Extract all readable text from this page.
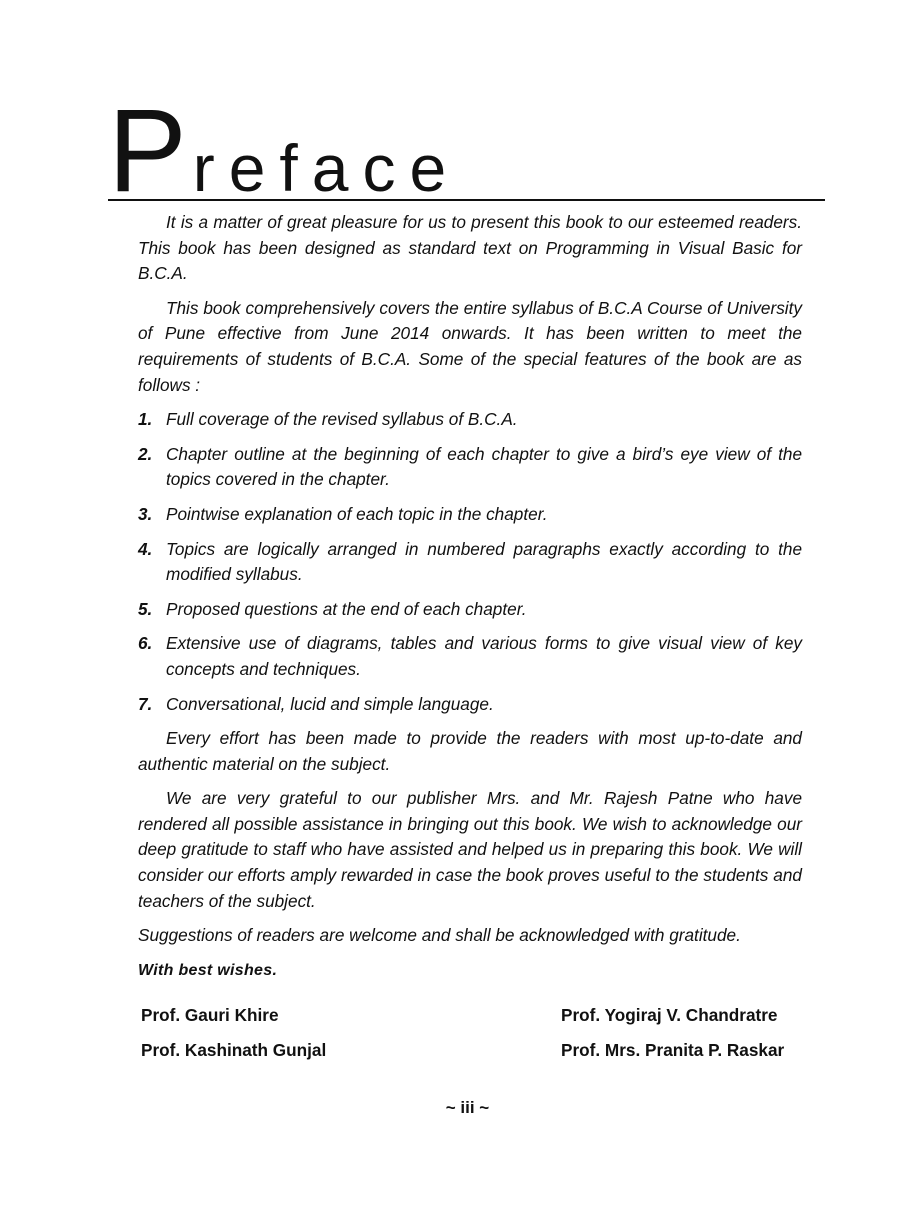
Preface

It is a matter of great pleasure for us to present this book to our esteemed readers. This book has been designed as standard text on Programming in Visual Basic for B.C.A.

This book comprehensively covers the entire syllabus of B.C.A Course of University of Pune effective from June 2014 onwards. It has been written to meet the requirements of students of B.C.A. Some of the special features of the book are as follows :

1. Full coverage of the revised syllabus of B.C.A.
2. Chapter outline at the beginning of each chapter to give a bird’s eye view of the topics covered in the chapter.
3. Pointwise explanation of each topic in the chapter.
4. Topics are logically arranged in numbered paragraphs exactly according to the modified syllabus.
5. Proposed questions at the end of each chapter.
6. Extensive use of diagrams, tables and various forms to give visual view of key concepts and techniques.
7. Conversational, lucid and simple language.

Every effort has been made to provide the readers with most up-to-date and authentic material on the subject.

We are very grateful to our publisher Mrs. and Mr. Rajesh Patne who have rendered all possible assistance in bringing out this book. We wish to acknowledge our deep gratitude to staff who have assisted and helped us in preparing this book. We will consider our efforts amply rewarded in case the book proves useful to the students and teachers of the subject.

Suggestions of readers are welcome and shall be acknowledged with gratitude.

With best wishes.
Prof. Gauri Khire	Prof. Yogiraj V. Chandratre
Prof. Kashinath Gunjal	Prof. Mrs. Pranita P. Raskar
~ iii ~
